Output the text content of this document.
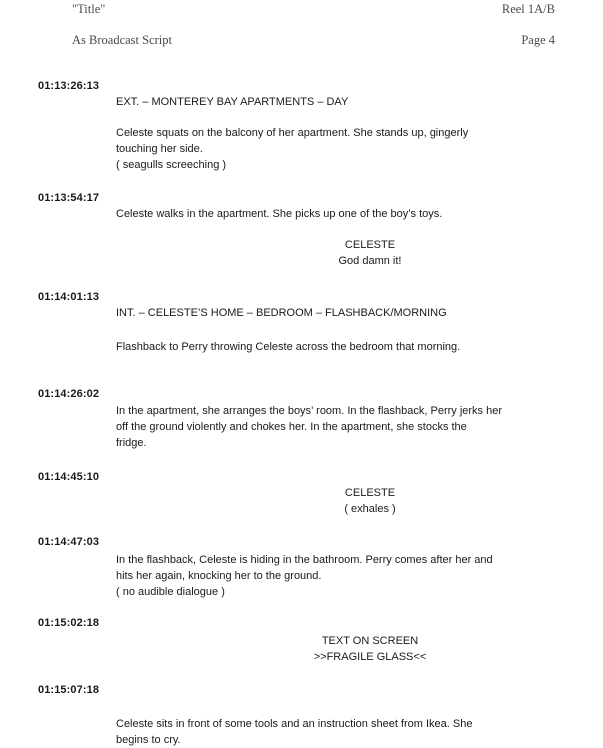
"Title"	Reel 1A/B
As Broadcast Script	Page 4
01:13:26:13
EXT. – MONTEREY BAY APARTMENTS – DAY
Celeste squats on the balcony of her apartment. She stands up, gingerly
touching her side.
( seagulls screeching )
01:13:54:17
Celeste walks in the apartment. She picks up one of the boy’s toys.
CELESTE
God damn it!
01:14:01:13
INT. – CELESTE’S HOME – BEDROOM – FLASHBACK/MORNING
Flashback to Perry throwing Celeste across the bedroom that morning.
01:14:26:02
In the apartment, she arranges the boys’ room. In the flashback, Perry jerks her
off the ground violently and chokes her. In the apartment, she stocks the
fridge.
01:14:45:10
CELESTE
( exhales )
01:14:47:03
In the flashback, Celeste is hiding in the bathroom. Perry comes after her and
hits her again, knocking her to the ground.
( no audible dialogue )
01:15:02:18
TEXT ON SCREEN
>>FRAGILE GLASS<<
01:15:07:18
Celeste sits in front of some tools and an instruction sheet from Ikea. She
begins to cry.
